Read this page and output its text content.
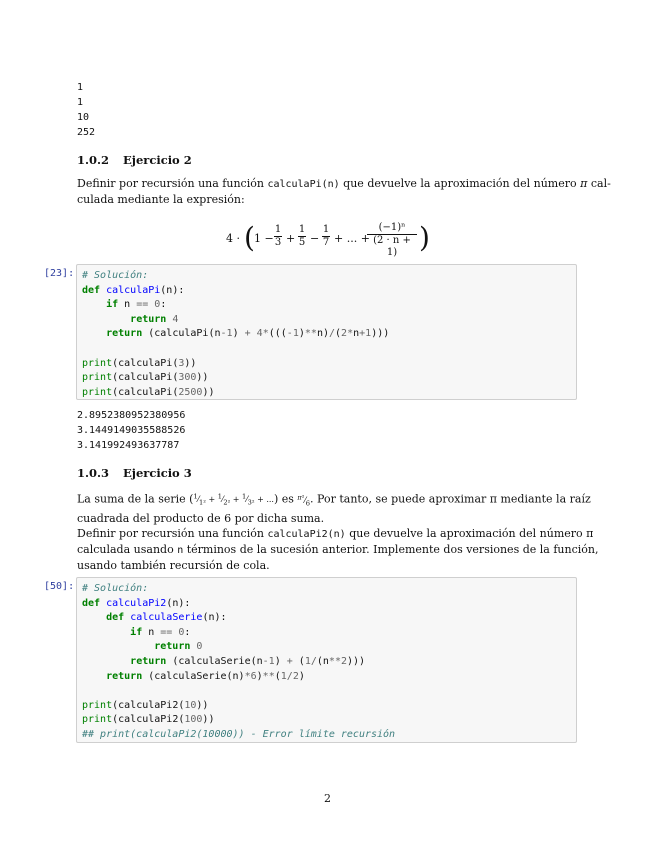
1
1
10
252
1.0.2 Ejercicio 2
Definir por recursión una función calculaPi(n) que devuelve la aproximación del número π cal-
culada mediante la expresión:
4 · ( 1 −
1
3 +
1
5 −
1
7 + ... +
(−1)ⁿ
(2 · n + 1) )
[23]: # Solución:
def calculaPi(n):
if n == 0:
return 4
return (calculaPi(n-1) + 4*(((-1)**n)/(2*n+1)))

print(calculaPi(3))
print(calculaPi(300))
print(calculaPi(2500))
2.8952380952380956
3.1449149035588526
3.141992493637787
1.0.3 Ejercicio 3
La suma de la serie ($^1⁄_{1^2}$ + $^1⁄_{2^2}$ + $^1⁄_{3^2}$ + ...) es $^{\pi^2}⁄_6$. Por tanto, se puede aproximar π mediante la raíz
cuadrada del producto de 6 por dicha suma.
Definir por recursión una función calculaPi2(n) que devuelve la aproximación del número π
calculada usando n términos de la sucesión anterior. Implemente dos versiones de la función,
usando también recursión de cola.
[50]: # Solución:
def calculaPi2(n):
def calculaSerie(n):
if n == 0:
return 0
return (calculaSerie(n-1) + (1/(n**2)))
return (calculaSerie(n)*6)**(1/2)

print(calculaPi2(10))
print(calculaPi2(100))
## print(calculaPi2(10000)) - Error límite recursión
2
